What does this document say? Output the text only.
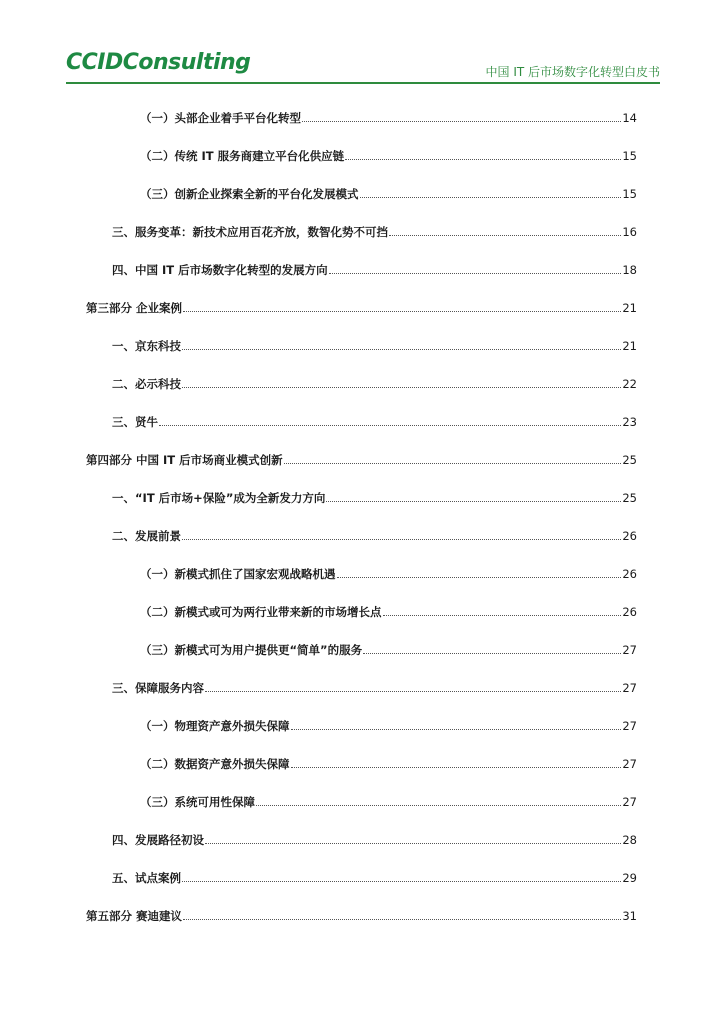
CCIDConsulting	中国 IT 后市场数字化转型白皮书
（一）头部企业着手平台化转型	14
（二）传统 IT 服务商建立平台化供应链	15
（三）创新企业探索全新的平台化发展模式	15
三、服务变革：新技术应用百花齐放，数智化势不可挡	16
四、中国 IT 后市场数字化转型的发展方向	18
第三部分 企业案例	21
一、京东科技	21
二、必示科技	22
三、贤牛	23
第四部分 中国 IT 后市场商业模式创新	25
一、“IT 后市场+保险”成为全新发力方向	25
二、发展前景	26
（一）新模式抓住了国家宏观战略机遇	26
（二）新模式或可为两行业带来新的市场增长点	26
（三）新模式可为用户提供更“简单”的服务	27
三、保障服务内容	27
（一）物理资产意外损失保障	27
（二）数据资产意外损失保障	27
（三）系统可用性保障	27
四、发展路径初设	28
五、试点案例	29
第五部分 赛迪建议	31
